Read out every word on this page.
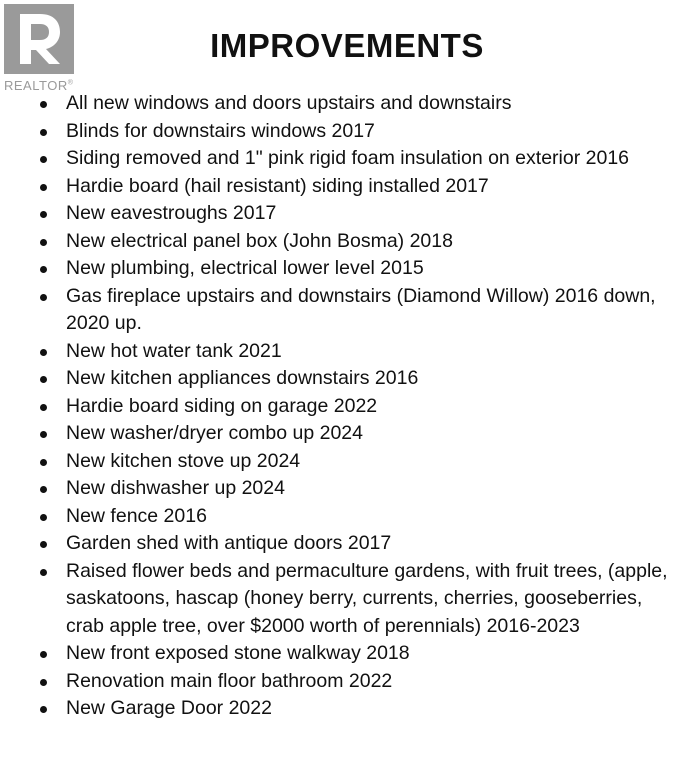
REALTOR®
IMPROVEMENTS
All new windows and doors upstairs and downstairs
Blinds for downstairs windows 2017
Siding removed and 1" pink rigid foam insulation on exterior 2016
Hardie board (hail resistant) siding installed 2017
New eavestroughs 2017
New electrical panel box (John Bosma) 2018
New plumbing, electrical lower level 2015
Gas fireplace upstairs and downstairs (Diamond Willow) 2016 down, 2020 up.
New hot water tank 2021
New kitchen appliances downstairs 2016
Hardie board siding on garage 2022
New washer/dryer combo up 2024
New kitchen stove up 2024
New dishwasher up 2024
New fence 2016
Garden shed with antique doors 2017
Raised flower beds and permaculture gardens, with fruit trees, (apple, saskatoons, hascap (honey berry, currents, cherries, gooseberries, crab apple tree, over $2000 worth of perennials) 2016-2023
New front exposed stone walkway 2018
Renovation main floor bathroom 2022
New Garage Door 2022
